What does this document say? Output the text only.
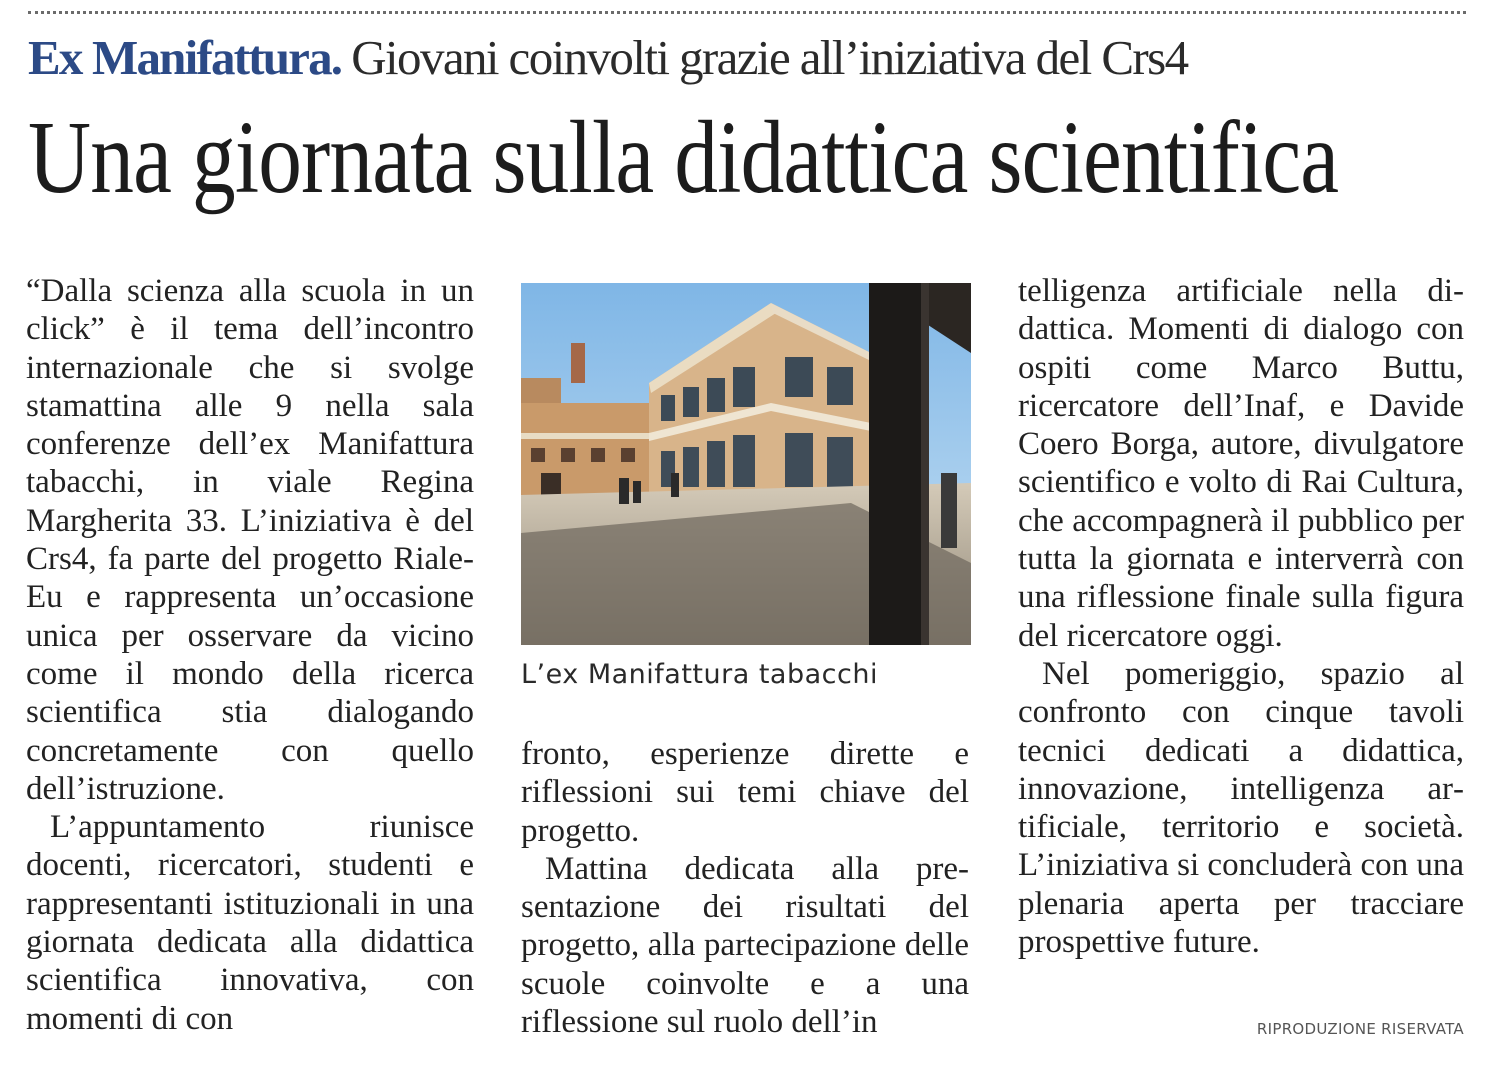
Ex Manifattura. Giovani coinvolti grazie all’iniziativa del Crs4
Una giornata sulla didattica scientifica

“Dalla scienza alla scuola in un click” è il tema dell’incontro internazionale che si svolge stamattina alle 9 nella sala conferenze dell’ex Manifattura tabacchi, in viale Regina Margherita 33. L’iniziativa è del Crs4, fa parte del progetto Riale-Eu e rappresenta un’occasione unica per osservare da vicino come il mondo della ricerca scientifica stia dialogando concretamente con quello dell’istruzione.

L’appuntamento riunisce docenti, ricercatori, studenti e rappresentanti istituzionali in una giornata dedicata alla didattica scientifica innovativa, con momenti di con

L’ex Manifattura tabacchi

fronto, esperienze dirette e riflessioni sui temi chiave del progetto.

Mattina dedicata alla presentazione dei risultati del progetto, alla partecipazione delle scuole coinvolte e a una riflessione sul ruolo dell’in

telligenza artificiale nella didattica. Momenti di dialogo con ospiti come Marco Buttu, ricercatore dell’Inaf, e Davide Coero Borga, autore, divulgatore scientifico e volto di Rai Cultura, che accompagnerà il pubblico per tutta la giornata e interverrà con una riflessione finale sulla figura del ricercatore oggi.

Nel pomeriggio, spazio al confronto con cinque tavoli tecnici dedicati a didattica, innovazione, intelligenza artificiale, territorio e società. L’iniziativa si concluderà con una plenaria aperta per tracciare prospettive future.

RIPRODUZIONE RISERVATA
